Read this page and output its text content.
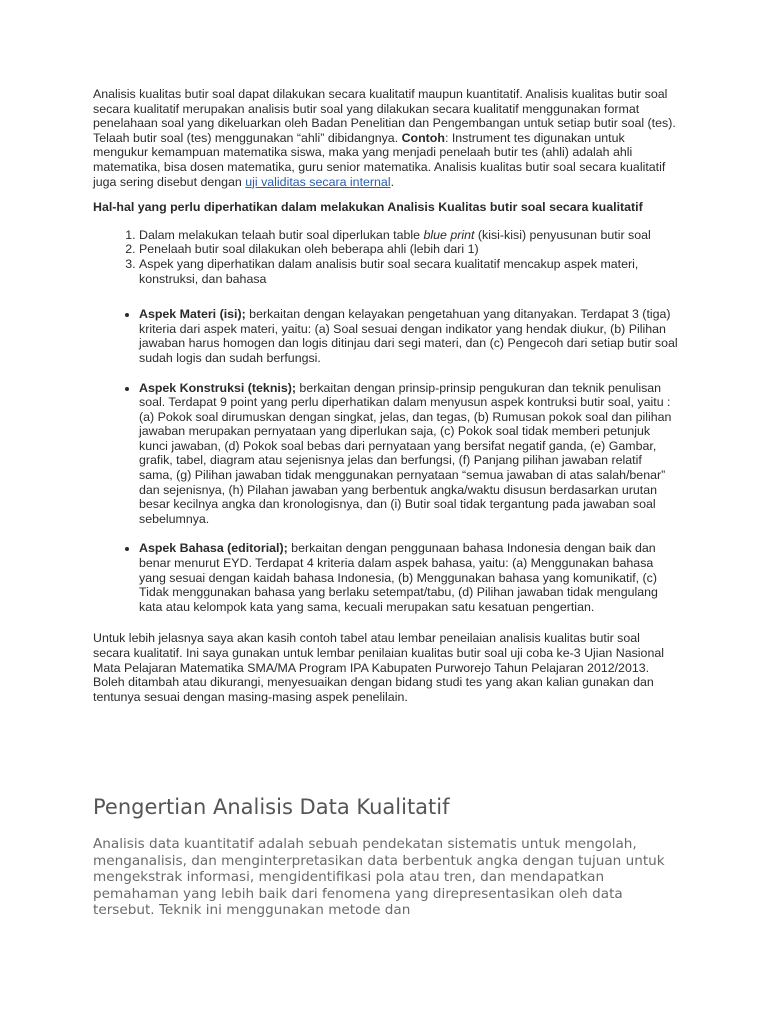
Analisis kualitas butir soal dapat dilakukan secara kualitatif maupun kuantitatif. Analisis kualitas butir soal secara kualitatif merupakan analisis butir soal yang dilakukan secara kualitatif menggunakan format penelahaan soal yang dikeluarkan oleh Badan Penelitian dan Pengembangan untuk setiap butir soal (tes). Telaah butir soal (tes) menggunakan “ahli” dibidangnya. Contoh: Instrument tes digunakan untuk mengukur kemampuan matematika siswa, maka yang menjadi penelaah butir tes (ahli) adalah ahli matematika, bisa dosen matematika, guru senior matematika. Analisis kualitas butir soal secara kualitatif juga sering disebut dengan uji validitas secara internal.

Hal-hal yang perlu diperhatikan dalam melakukan Analisis Kualitas butir soal secara kualitatif

1. Dalam melakukan telaah butir soal diperlukan table blue print (kisi-kisi) penyusunan butir soal
2. Penelaah butir soal dilakukan oleh beberapa ahli (lebih dari 1)
3. Aspek yang diperhatikan dalam analisis butir soal secara kualitatif mencakup aspek materi, konstruksi, dan bahasa
• Aspek Materi (isi); berkaitan dengan kelayakan pengetahuan yang ditanyakan. Terdapat 3 (tiga) kriteria dari aspek materi, yaitu: (a) Soal sesuai dengan indikator yang hendak diukur, (b) Pilihan jawaban harus homogen dan logis ditinjau dari segi materi, dan (c) Pengecoh dari setiap butir soal sudah logis dan sudah berfungsi.
• Aspek Konstruksi (teknis); berkaitan dengan prinsip-prinsip pengukuran dan teknik penulisan soal. Terdapat 9 point yang perlu diperhatikan dalam menyusun aspek kontruksi butir soal, yaitu : (a) Pokok soal dirumuskan dengan singkat, jelas, dan tegas, (b) Rumusan pokok soal dan pilihan jawaban merupakan pernyataan yang diperlukan saja, (c) Pokok soal tidak memberi petunjuk kunci jawaban, (d) Pokok soal bebas dari pernyataan yang bersifat negatif ganda, (e) Gambar, grafik, tabel, diagram atau sejenisnya jelas dan berfungsi, (f) Panjang pilihan jawaban relatif sama, (g) Pilihan jawaban tidak menggunakan pernyataan “semua jawaban di atas salah/benar” dan sejenisnya, (h) Pilahan jawaban yang berbentuk angka/waktu disusun berdasarkan urutan besar kecilnya angka dan kronologisnya, dan (i) Butir soal tidak tergantung pada jawaban soal sebelumnya.
• Aspek Bahasa (editorial); berkaitan dengan penggunaan bahasa Indonesia dengan baik dan benar menurut EYD. Terdapat 4 kriteria dalam aspek bahasa, yaitu: (a) Menggunakan bahasa yang sesuai dengan kaidah bahasa Indonesia, (b) Menggunakan bahasa yang komunikatif, (c) Tidak menggunakan bahasa yang berlaku setempat/tabu, (d) Pilihan jawaban tidak mengulang kata atau kelompok kata yang sama, kecuali merupakan satu kesatuan pengertian.

Untuk lebih jelasnya saya akan kasih contoh tabel atau lembar peneilaian analisis kualitas butir soal secara kualitatif. Ini saya gunakan untuk lembar penilaian kualitas butir soal uji coba ke-3 Ujian Nasional Mata Pelajaran Matematika SMA/MA Program IPA Kabupaten Purworejo Tahun Pelajaran 2012/2013. Boleh ditambah atau dikurangi, menyesuaikan dengan bidang studi tes yang akan kalian gunakan dan tentunya sesuai dengan masing-masing aspek penelilain.

Pengertian Analisis Data Kualitatif

Analisis data kuantitatif adalah sebuah pendekatan sistematis untuk mengolah, menganalisis, dan menginterpretasikan data berbentuk angka dengan tujuan untuk mengekstrak informasi, mengidentifikasi pola atau tren, dan mendapatkan pemahaman yang lebih baik dari fenomena yang direpresentasikan oleh data tersebut. Teknik ini menggunakan metode dan
